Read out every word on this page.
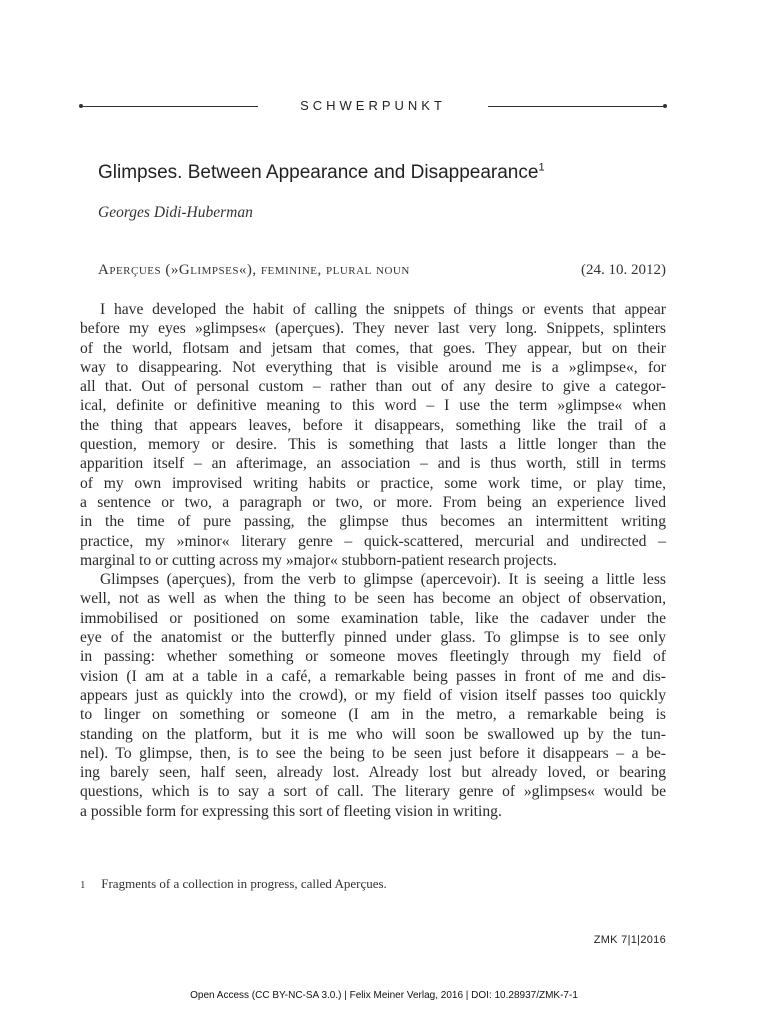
SCHWERPUNKT
Glimpses. Between Appearance and Disappearance$^1$
Georges Didi-Huberman
Aperçues (»Glimpses«), feminine, plural noun	(24. 10. 2012)
I have developed the habit of calling the snippets of things or events that appear
before my eyes »glimpses« (aperçues). They never last very long. Snippets, splinters
of the world, flotsam and jetsam that comes, that goes. They appear, but on their
way to disappearing. Not everything that is visible around me is a »glimpse«, for
all that. Out of personal custom – rather than out of any desire to give a categor-
ical, definite or definitive meaning to this word – I use the term »glimpse« when
the thing that appears leaves, before it disappears, something like the trail of a
question, memory or desire. This is something that lasts a little longer than the
apparition itself – an afterimage, an association – and is thus worth, still in terms
of my own improvised writing habits or practice, some work time, or play time,
a sentence or two, a paragraph or two, or more. From being an experience lived
in the time of pure passing, the glimpse thus becomes an intermittent writing
practice, my »minor« literary genre – quick-scattered, mercurial and undirected –
marginal to or cutting across my »major« stubborn-patient research projects.
Glimpses (aperçues), from the verb to glimpse (apercevoir). It is seeing a little less
well, not as well as when the thing to be seen has become an object of observation,
immobilised or positioned on some examination table, like the cadaver under the
eye of the anatomist or the butterfly pinned under glass. To glimpse is to see only
in passing: whether something or someone moves fleetingly through my field of
vision (I am at a table in a café, a remarkable being passes in front of me and dis-
appears just as quickly into the crowd), or my field of vision itself passes too quickly
to linger on something or someone (I am in the metro, a remarkable being is
standing on the platform, but it is me who will soon be swallowed up by the tun-
nel). To glimpse, then, is to see the being to be seen just before it disappears – a be-
ing barely seen, half seen, already lost. Already lost but already loved, or bearing
questions, which is to say a sort of call. The literary genre of »glimpses« would be
a possible form for expressing this sort of fleeting vision in writing.
1 Fragments of a collection in progress, called Aperçues.
ZMK 7|1|2016
Open Access (CC BY-NC-SA 3.0.) | Felix Meiner Verlag, 2016 | DOI: 10.28937/ZMK-7-1
